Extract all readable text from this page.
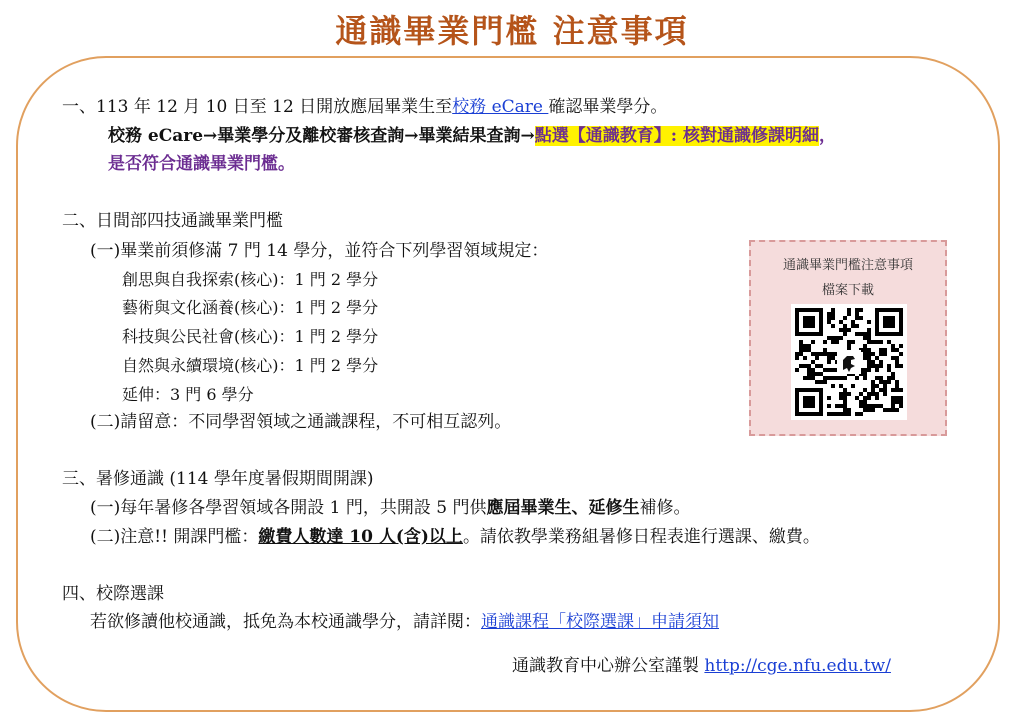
通識畢業門檻 注意事項
一、113 年 12 月 10 日至 12 日開放應屆畢業生至校務 eCare 確認畢業學分。
校務 eCare→畢業學分及離校審核查詢→畢業結果查詢→點選【通識教育】: 核對通識修課明細，
是否符合通識畢業門檻。
二、日間部四技通識畢業門檻
(一)畢業前須修滿 7 門 14 學分，並符合下列學習領域規定：
創思與自我探索(核心)：1 門 2 學分
藝術與文化涵養(核心)：1 門 2 學分
科技與公民社會(核心)：1 門 2 學分
自然與永續環境(核心)：1 門 2 學分
延伸：3 門 6 學分
(二)請留意：不同學習領域之通識課程，不可相互認列。
通識畢業門檻注意事項
檔案下載
三、暑修通識 (114 學年度暑假期間開課)
(一)每年暑修各學習領域各開設 1 門，共開設 5 門供應屆畢業生、延修生補修。
(二)注意!! 開課門檻：繳費人數達 10 人(含)以上。請依教學業務組暑修日程表進行選課、繳費。
四、校際選課
若欲修讀他校通識，抵免為本校通識學分，請詳閱：通識課程「校際選課」申請須知
通識教育中心辦公室謹製 http://cge.nfu.edu.tw/
